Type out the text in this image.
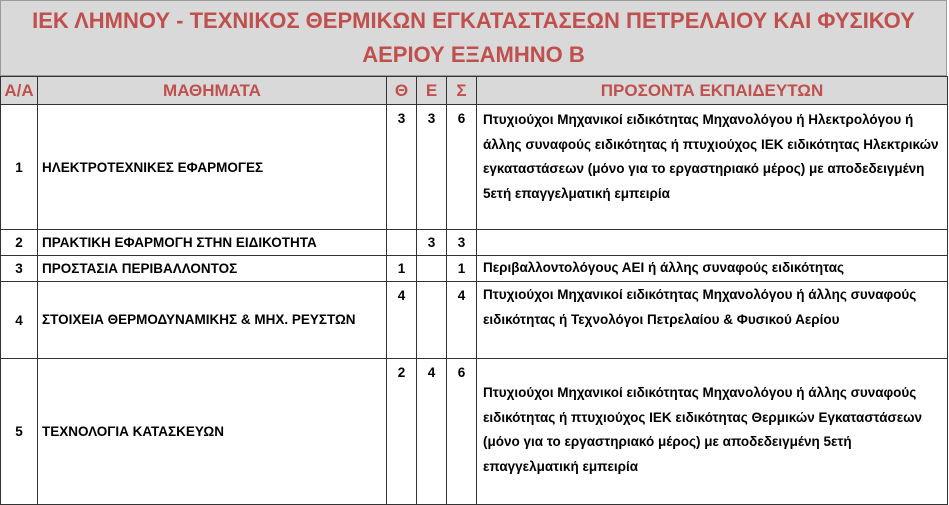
ΙΕΚ ΛΗΜΝΟΥ - ΤΕΧΝΙΚΟΣ ΘΕΡΜΙΚΩΝ ΕΓΚΑΤΑΣΤΑΣΕΩΝ ΠΕΤΡΕΛΑΙΟΥ ΚΑΙ ΦΥΣΙΚΟΥ
ΑΕΡΙΟΥ ΕΞΑΜΗΝΟ Β
Α/Α	ΜΑΘΗΜΑΤΑ	Θ	Ε	Σ	ΠΡΟΣΟΝΤΑ ΕΚΠΑΙΔΕΥΤΩΝ
1	ΗΛΕΚΤΡΟΤΕΧΝΙΚΕΣ ΕΦΑΡΜΟΓΕΣ	3	3	6	Πτυχιούχοι Μηχανικοί ειδικότητας Μηχανολόγου ή Ηλεκτρολόγου ή άλλης συναφούς ειδικότητας ή πτυχιούχος ΙΕΚ ειδικότητας Ηλεκτρικών εγκαταστάσεων (μόνο για το εργαστηριακό μέρος) με αποδεδειγμένη 5ετή επαγγελματική εμπειρία
2	ΠΡΑΚΤΙΚΗ ΕΦΑΡΜΟΓΗ ΣΤΗΝ ΕΙΔΙΚΟΤΗΤΑ		3	3	
3	ΠΡΟΣΤΑΣΙΑ ΠΕΡΙΒΑΛΛΟΝΤΟΣ	1		1	Περιβαλλοντολόγους ΑΕΙ ή άλλης συναφούς ειδικότητας
4	ΣΤΟΙΧΕΙΑ ΘΕΡΜΟΔΥΝΑΜΙΚΗΣ & ΜΗΧ. ΡΕΥΣΤΩΝ	4		4	Πτυχιούχοι Μηχανικοί ειδικότητας Μηχανολόγου ή άλλης συναφούς ειδικότητας ή Τεχνολόγοι Πετρελαίου & Φυσικού Αερίου
5	ΤΕΧΝΟΛΟΓΙΑ ΚΑΤΑΣΚΕΥΩΝ	2	4	6	Πτυχιούχοι Μηχανικοί ειδικότητας Μηχανολόγου ή άλλης συναφούς ειδικότητας ή πτυχιούχος ΙΕΚ ειδικότητας Θερμικών Εγκαταστάσεων (μόνο για το εργαστηριακό μέρος) με αποδεδειγμένη 5ετή επαγγελματική εμπειρία
